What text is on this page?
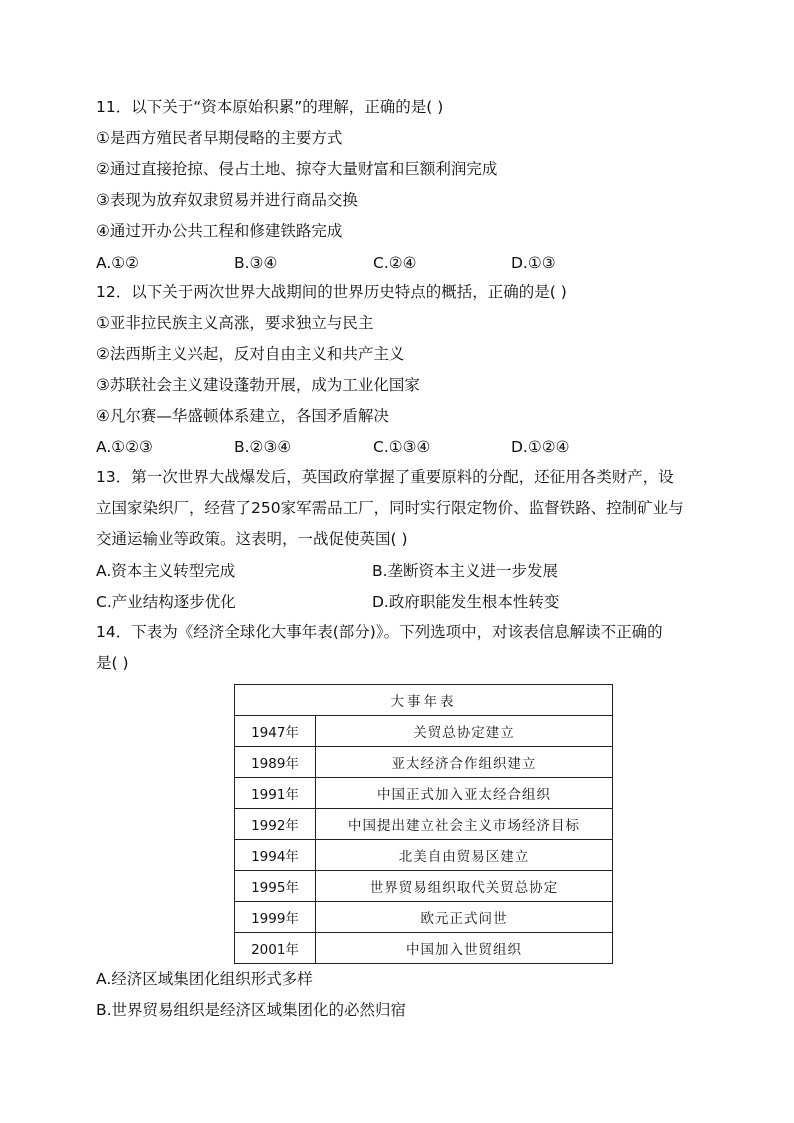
11．以下关于“资本原始积累”的理解，正确的是( )
①是西方殖民者早期侵略的主要方式
②通过直接抢掠、侵占土地、掠夺大量财富和巨额利润完成
③表现为放弃奴隶贸易并进行商品交换
④通过开办公共工程和修建铁路完成
A.①②	B.③④	C.②④	D.①③
12．以下关于两次世界大战期间的世界历史特点的概括，正确的是( )
①亚非拉民族主义高涨，要求独立与民主
②法西斯主义兴起，反对自由主义和共产主义
③苏联社会主义建设蓬勃开展，成为工业化国家
④凡尔赛—华盛顿体系建立，各国矛盾解决
A.①②③	B.②③④	C.①③④	D.①②④
13．第一次世界大战爆发后，英国政府掌握了重要原料的分配，还征用各类财产，设
立国家染织厂，经营了250家军需品工厂，同时实行限定物价、监督铁路、控制矿业与
交通运输业等政策。这表明，一战促使英国( )
A.资本主义转型完成	B.垄断资本主义进一步发展
C.产业结构逐步优化	D.政府职能发生根本性转变
14．下表为《经济全球化大事年表(部分)》。下列选项中，对该表信息解读不正确的
是( )
大事年表	
1947年	关贸总协定建立
1989年	亚太经济合作组织建立
1991年	中国正式加入亚太经合组织
1992年	中国提出建立社会主义市场经济目标
1994年	北美自由贸易区建立
1995年	世界贸易组织取代关贸总协定
1999年	欧元正式问世
2001年	中国加入世贸组织
A.经济区域集团化组织形式多样
B.世界贸易组织是经济区域集团化的必然归宿
